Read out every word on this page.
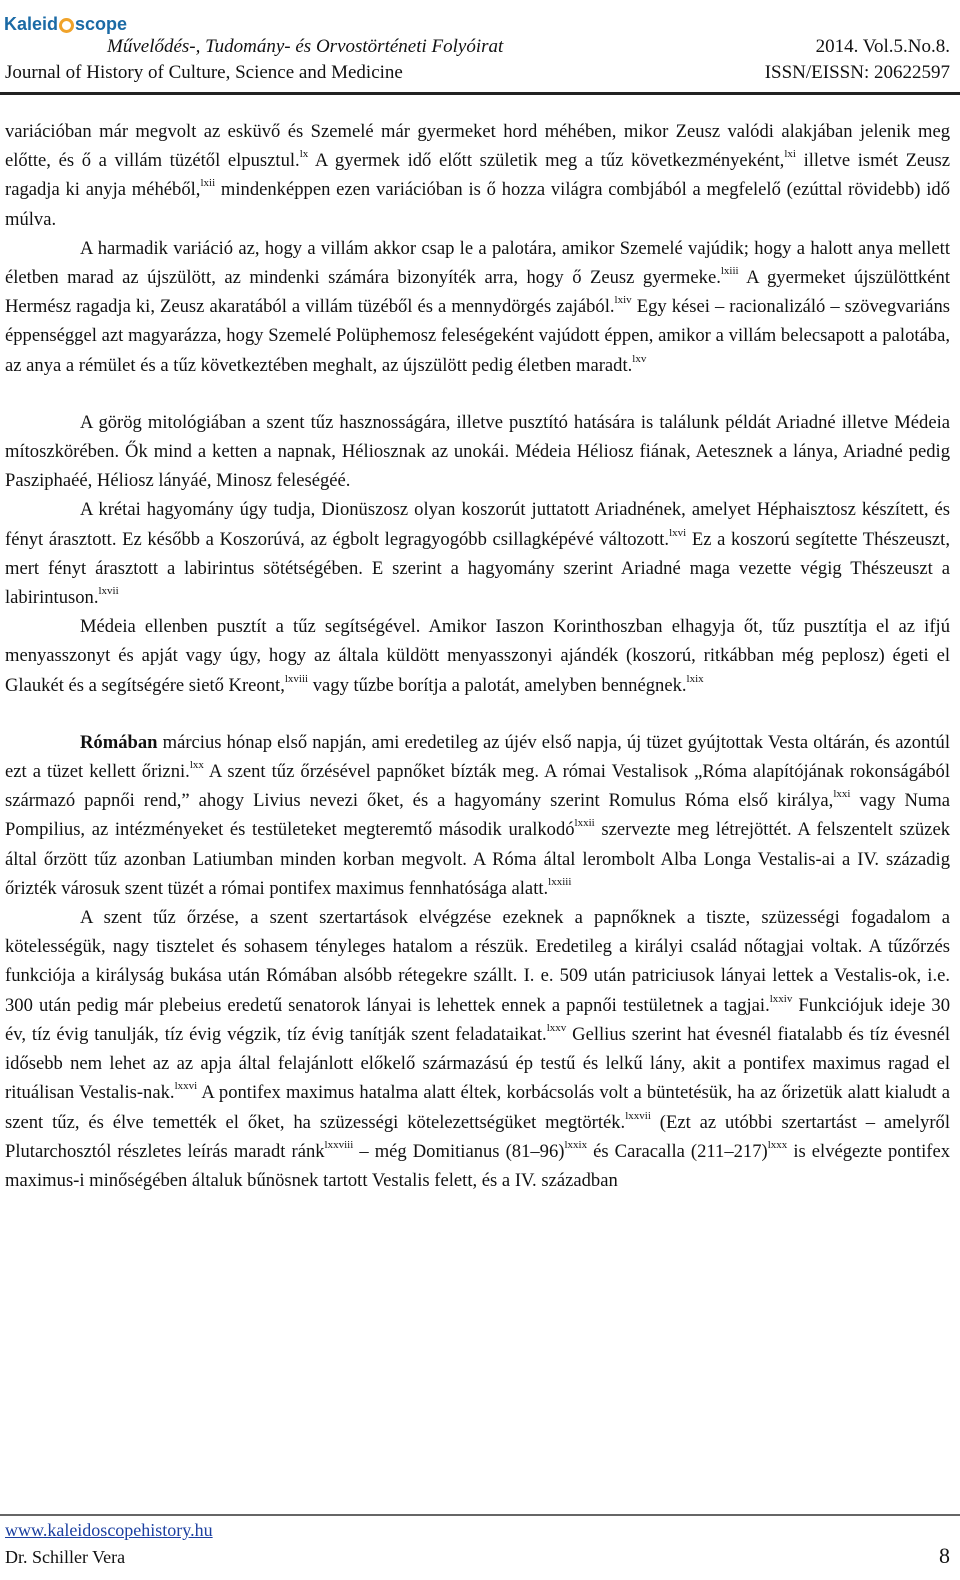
Kaleid scope
Művelődés-, Tudomány- és Orvostörténeti Folyóirat	2014. Vol.5.No.8.
Journal of History of Culture, Science and Medicine	ISSN/EISSN: 20622597

variációban már megvolt az esküvő és Szemelé már gyermeket hord méhében, mikor Zeusz valódi alakjában jelenik meg előtte, és ő a villám tüzétől elpusztul.$^{lx}$ A gyermek idő előtt születik meg a tűz következményeként,$^{lxi}$ illetve ismét Zeusz ragadja ki anyja méhéből,$^{lxii}$ mindenképpen ezen variációban is ő hozza világra combjából a megfelelő (ezúttal rövidebb) idő múlva.

A harmadik variáció az, hogy a villám akkor csap le a palotára, amikor Szemelé vajúdik; hogy a halott anya mellett életben marad az újszülött, az mindenki számára bizonyíték arra, hogy ő Zeusz gyermeke.$^{lxiii}$ A gyermeket újszülöttként Hermész ragadja ki, Zeusz akaratából a villám tüzéből és a mennydörgés zajából.$^{lxiv}$ Egy kései – racionalizáló – szövegvariáns éppenséggel azt magyarázza, hogy Szemelé Polüphemosz feleségeként vajúdott éppen, amikor a villám belecsapott a palotába, az anya a rémület és a tűz következtében meghalt, az újszülött pedig életben maradt.$^{lxv}$

A görög mitológiában a szent tűz hasznosságára, illetve pusztító hatására is találunk példát Ariadné illetve Médeia mítoszkörében. Ők mind a ketten a napnak, Héliosznak az unokái. Médeia Héliosz fiának, Aetesznek a lánya, Ariadné pedig Pasziphaéé, Héliosz lányáé, Minosz feleségéé.

A krétai hagyomány úgy tudja, Dionüszosz olyan koszorút juttatott Ariadnének, amelyet Héphaisztosz készített, és fényt árasztott. Ez később a Koszorúvá, az égbolt legragyogóbb csillagképévé változott.$^{lxvi}$ Ez a koszorú segítette Thészeuszt, mert fényt árasztott a labirintus sötétségében. E szerint a hagyomány szerint Ariadné maga vezette végig Thészeuszt a labirintuson.$^{lxvii}$

Médeia ellenben pusztít a tűz segítségével. Amikor Iaszon Korinthoszban elhagyja őt, tűz pusztítja el az ifjú menyasszonyt és apját vagy úgy, hogy az általa küldött menyasszonyi ajándék (koszorú, ritkábban még peplosz) égeti el Glaukét és a segítségére siető Kreont,$^{lxviii}$ vagy tűzbe borítja a palotát, amelyben bennégnek.$^{lxix}$

Rómában március hónap első napján, ami eredetileg az újév első napja, új tüzet gyújtottak Vesta oltárán, és azontúl ezt a tüzet kellett őrizni.$^{lxx}$ A szent tűz őrzésével papnőket bízták meg. A római Vestalisok „Róma alapítójának rokonságából származó papnői rend,” ahogy Livius nevezi őket, és a hagyomány szerint Romulus Róma első királya,$^{lxxi}$ vagy Numa Pompilius, az intézményeket és testületeket megteremtő második uralkodó$^{lxxii}$ szervezte meg létrejöttét. A felszentelt szüzek által őrzött tűz azonban Latiumban minden korban megvolt. A Róma által lerombolt Alba Longa Vestalis-ai a IV. századig őrizték városuk szent tüzét a római pontifex maximus fennhatósága alatt.$^{lxxiii}$

A szent tűz őrzése, a szent szertartások elvégzése ezeknek a papnőknek a tiszte, szüzességi fogadalom a kötelességük, nagy tisztelet és sohasem tényleges hatalom a részük. Eredetileg a királyi család nőtagjai voltak. A tűzőrzés funkciója a királyság bukása után Rómában alsóbb rétegekre szállt. I. e. 509 után patriciusok lányai lettek a Vestalis-ok, i.e. 300 után pedig már plebeius eredetű senatorok lányai is lehettek ennek a papnői testületnek a tagjai.$^{lxxiv}$ Funkciójuk ideje 30 év, tíz évig tanulják, tíz évig végzik, tíz évig tanítják szent feladataikat.$^{lxxv}$ Gellius szerint hat évesnél fiatalabb és tíz évesnél idősebb nem lehet az az apja által felajánlott előkelő származású ép testű és lelkű lány, akit a pontifex maximus ragad el rituálisan Vestalis-nak.$^{lxxvi}$ A pontifex maximus hatalma alatt éltek, korbácsolás volt a büntetésük, ha az őrizetük alatt kialudt a szent tűz, és élve temették el őket, ha szüzességi kötelezettségüket megtörték.$^{lxxvii}$ (Ezt az utóbbi szertartást – amelyről Plutarchosztól részletes leírás maradt ránk$^{lxxviii}$ – még Domitianus $(81-96)^{lxxix}$ és Caracalla $(211-217)^{lxxx}$ is elvégezte pontifex maximus-i minőségében általuk bűnösnek tartott Vestalis felett, és a IV. században

www.kaleidoscopehistory.hu
Dr. Schiller Vera	8
